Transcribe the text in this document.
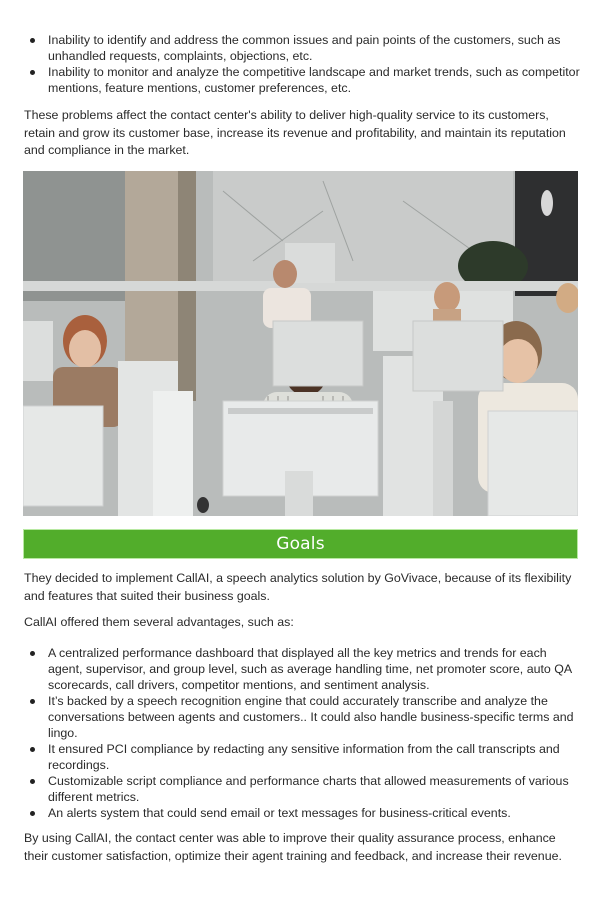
Inability to identify and address the common issues and pain points of the customers, such as unhandled requests, complaints, objections, etc.
Inability to monitor and analyze the competitive landscape and market trends, such as competitor mentions, feature mentions, customer preferences, etc.

These problems affect the contact center's ability to deliver high-quality service to its customers, retain and grow its customer base, increase its revenue and profitability, and maintain its reputation and compliance in the market.

Goals

They decided to implement CallAI, a speech analytics solution by GoVivace, because of its flexibility and features that suited their business goals.

CallAI offered them several advantages, such as:

A centralized performance dashboard that displayed all the key metrics and trends for each agent, supervisor, and group level, such as average handling time, net promoter score, auto QA scorecards, call drivers, competitor mentions, and sentiment analysis.
It’s backed by a speech recognition engine that could accurately transcribe and analyze the conversations between agents and customers.. It could also handle business-specific terms and lingo.
It ensured PCI compliance by redacting any sensitive information from the call transcripts and recordings.
Customizable script compliance and performance charts that allowed measurements of various different metrics.
An alerts system that could send email or text messages for business-critical events.

By using CallAI, the contact center was able to improve their quality assurance process, enhance their customer satisfaction, optimize their agent training and feedback, and increase their revenue.
